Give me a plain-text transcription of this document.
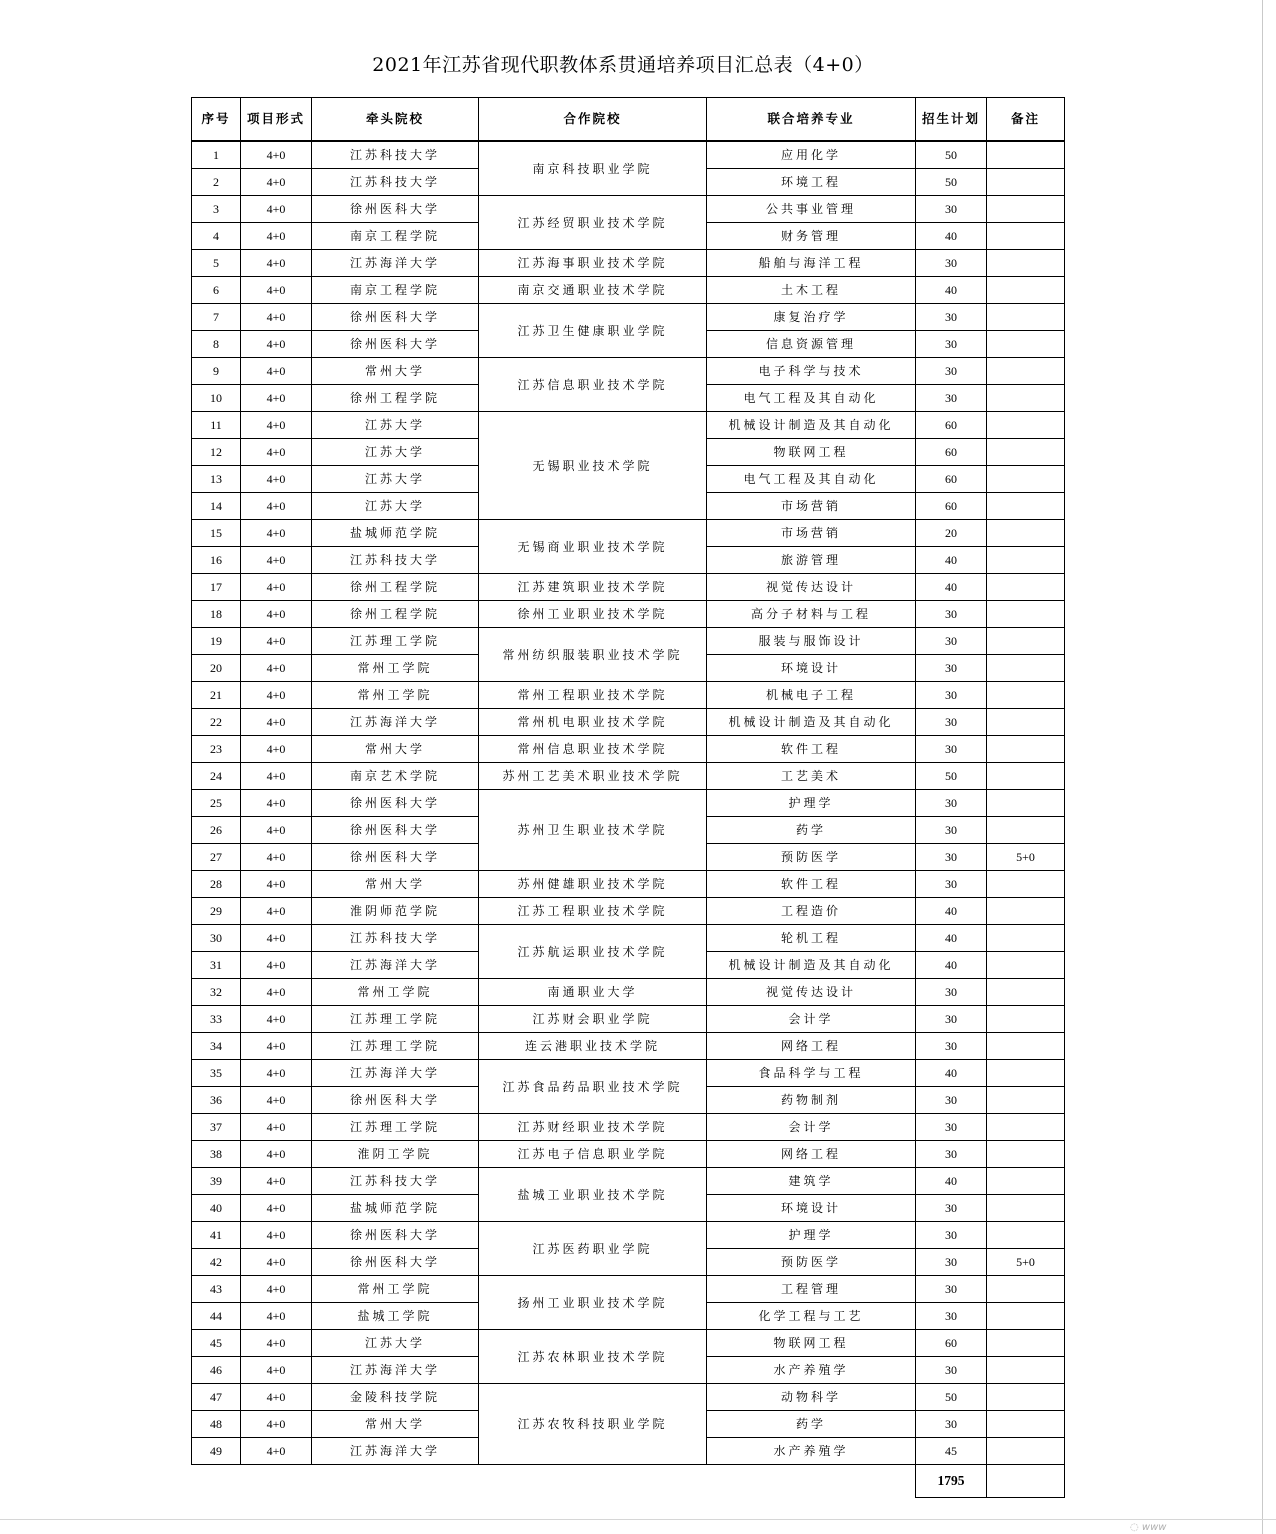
2021年江苏省现代职教体系贯通培养项目汇总表（4+0）
序号	项目形式	牵头院校	合作院校	联合培养专业	招生计划	备注

1	4+0	江苏科技大学	南京科技职业学院	应用化学	50	
2	4+0	江苏科技大学		环境工程	50	
3	4+0	徐州医科大学	江苏经贸职业技术学院	公共事业管理	30	
4	4+0	南京工程学院		财务管理	40	
5	4+0	江苏海洋大学	江苏海事职业技术学院	船舶与海洋工程	30	
6	4+0	南京工程学院	南京交通职业技术学院	土木工程	40	
7	4+0	徐州医科大学	江苏卫生健康职业学院	康复治疗学	30	
8	4+0	徐州医科大学		信息资源管理	30	
9	4+0	常州大学	江苏信息职业技术学院	电子科学与技术	30	
10	4+0	徐州工程学院		电气工程及其自动化	30	
11	4+0	江苏大学	无锡职业技术学院	机械设计制造及其自动化	60	
12	4+0	江苏大学		物联网工程	60	
13	4+0	江苏大学		电气工程及其自动化	60	
14	4+0	江苏大学		市场营销	60	
15	4+0	盐城师范学院	无锡商业职业技术学院	市场营销	20	
16	4+0	江苏科技大学		旅游管理	40	
17	4+0	徐州工程学院	江苏建筑职业技术学院	视觉传达设计	40	
18	4+0	徐州工程学院	徐州工业职业技术学院	高分子材料与工程	30	
19	4+0	江苏理工学院	常州纺织服装职业技术学院	服装与服饰设计	30	
20	4+0	常州工学院		环境设计	30	
21	4+0	常州工学院	常州工程职业技术学院	机械电子工程	30	
22	4+0	江苏海洋大学	常州机电职业技术学院	机械设计制造及其自动化	30	
23	4+0	常州大学	常州信息职业技术学院	软件工程	30	
24	4+0	南京艺术学院	苏州工艺美术职业技术学院	工艺美术	50	
25	4+0	徐州医科大学	苏州卫生职业技术学院	护理学	30	
26	4+0	徐州医科大学		药学	30	
27	4+0	徐州医科大学		预防医学	30	5+0
28	4+0	常州大学	苏州健雄职业技术学院	软件工程	30	
29	4+0	淮阴师范学院	江苏工程职业技术学院	工程造价	40	
30	4+0	江苏科技大学	江苏航运职业技术学院	轮机工程	40	
31	4+0	江苏海洋大学		机械设计制造及其自动化	40	
32	4+0	常州工学院	南通职业大学	视觉传达设计	30	
33	4+0	江苏理工学院	江苏财会职业学院	会计学	30	
34	4+0	江苏理工学院	连云港职业技术学院	网络工程	30	
35	4+0	江苏海洋大学	江苏食品药品职业技术学院	食品科学与工程	40	
36	4+0	徐州医科大学		药物制剂	30	
37	4+0	江苏理工学院	江苏财经职业技术学院	会计学	30	
38	4+0	淮阴工学院	江苏电子信息职业学院	网络工程	30	
39	4+0	江苏科技大学	盐城工业职业技术学院	建筑学	40	
40	4+0	盐城师范学院		环境设计	30	
41	4+0	徐州医科大学	江苏医药职业学院	护理学	30	
42	4+0	徐州医科大学		预防医学	30	5+0
43	4+0	常州工学院	扬州工业职业技术学院	工程管理	30	
44	4+0	盐城工学院		化学工程与工艺	30	
45	4+0	江苏大学	江苏农林职业技术学院	物联网工程	60	
46	4+0	江苏海洋大学		水产养殖学	30	
47	4+0	金陵科技学院	江苏农牧科技职业学院	动物科学	50	
48	4+0	常州大学		药学	30	
49	4+0	江苏海洋大学		水产养殖学	45	
					1795	
◌ www
